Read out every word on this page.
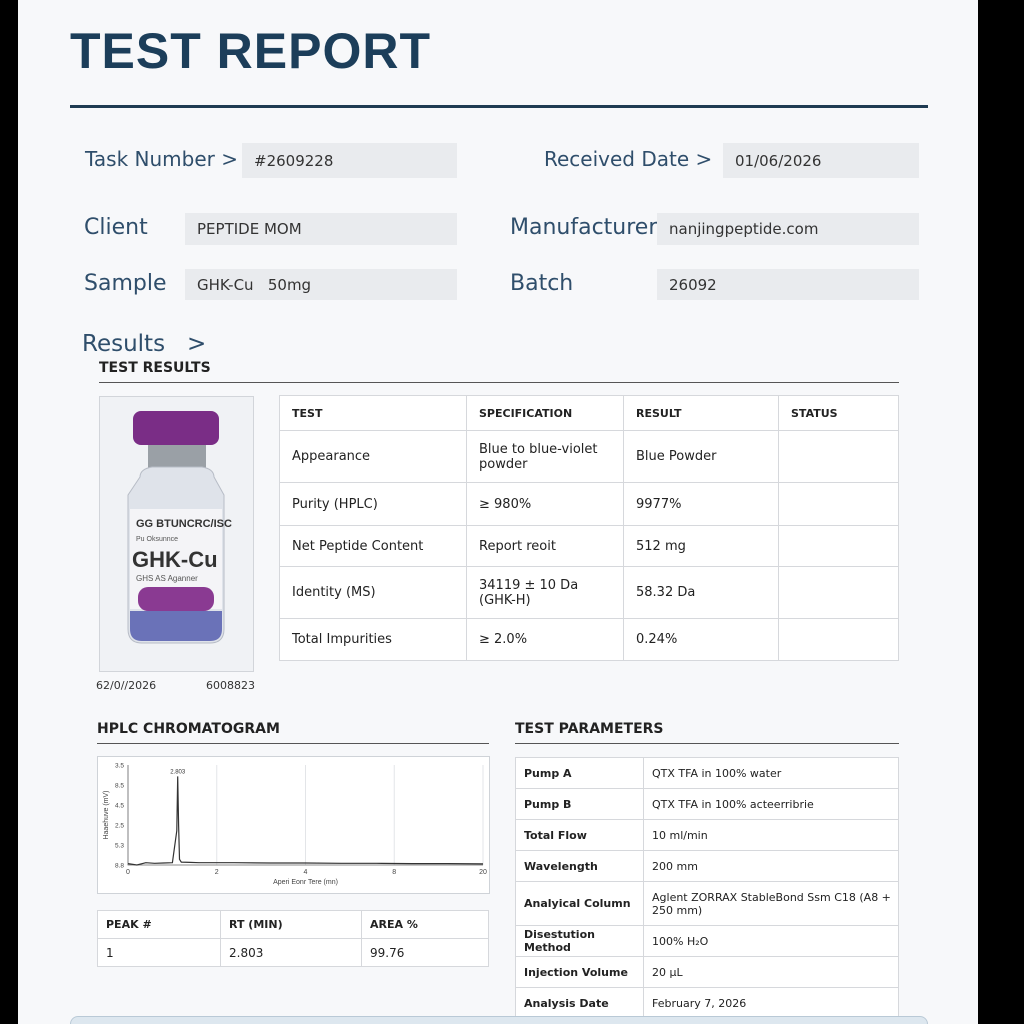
TEST REPORT
Task Number >	#2609228	Received Date >	01/06/2026
Client	PEPTIDE MOM	Manufacturer nanjingpeptide.com
Sample	GHK-Cu   50mg	Batch	26092
Results   >
TEST RESULTS
GG BTUNCRC/ISC
Pu Oksunnce
GHK-Cu
GHS AS Aganner
62/0//2026	6008823
TEST	SPECIFICATION	RESULT	STATUS
Appearance	Blue to blue-violet powder	Blue Powder	
Purity (HPLC)	≥ 980%	9977%	
Net Peptide Content	Report reoit	512 mg	
Identity (MS)	34119 ± 10 Da (GHK-H)	58.32 Da	
Total Impurities	≥ 2.0%	0.24%	
HPLC CHROMATOGRAM
0	2	4	8	20
8.8
5.3
2.5
4.5
8.5
3.5
2.803
Aperi Eonr Tere (mn)
Haaehuve (mV)
PEAK #	RT (MIN)	AREA %
1	2.803	99.76
TEST PARAMETERS
Pump A	QTX TFA in 100% water
Pump B	QTX TFA in 100% acteerribrie
Total Flow	10 ml/min
Wavelength	200 mm
Analyical Column	Aglent ZORRAX StableBond Ssm C18 (A8 + 250 mm)
Disestution Method	100% H₂O
Injection Volume	20 µL
Analysis Date	February 7, 2026
